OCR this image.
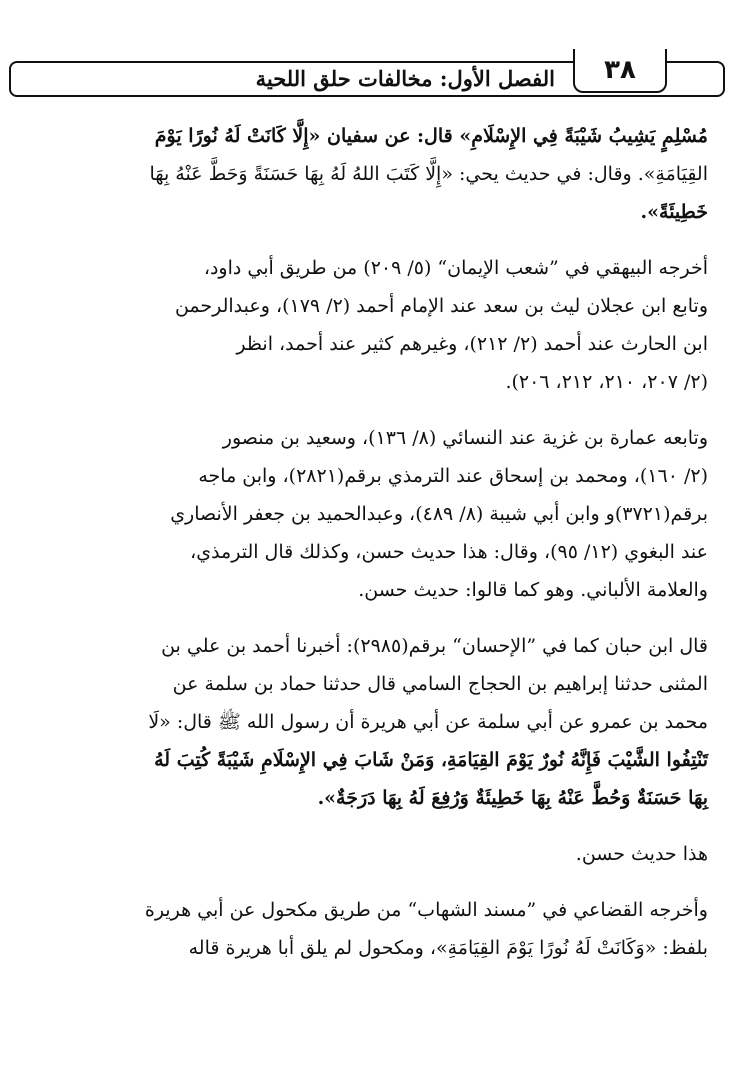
٣٨
الفصل الأول: مخالفات حلق اللحية

مُسْلِمٍ يَشِيبُ شَيْبَةً فِي الإِسْلَامِ» قال: عن سفيان «إِلَّا كَانَتْ لَهُ نُورًا يَوْمَ

القِيَامَةِ». وقال: في حديث يحي: «إِلَّا كَتَبَ اللهُ لَهُ بِهَا حَسَنَةً وَحَطَّ عَنْهُ بِهَا

خَطِيئَةً».

أخرجه البيهقي في ”شعب الإيمان“ (٥/ ٢٠٩) من طريق أبي داود،

وتابع ابن عجلان ليث بن سعد عند الإمام أحمد (٢/ ١٧٩)، وعبدالرحمن

ابن الحارث عند أحمد (٢/ ٢١٢)، وغيرهم كثير عند أحمد، انظر

(٢/ ٢٠٧، ٢١٠، ٢١٢، ٢٠٦).

وتابعه عمارة بن غزية عند النسائي (٨/ ١٣٦)، وسعيد بن منصور

(٢/ ١٦٠)، ومحمد بن إسحاق عند الترمذي برقم(٢٨٢١)، وابن ماجه

برقم(٣٧٢١)و وابن أبي شيبة (٨/ ٤٨٩)، وعبدالحميد بن جعفر الأنصاري

عند البغوي (١٢/ ٩٥)، وقال: هذا حديث حسن، وكذلك قال الترمذي،

والعلامة الألباني. وهو كما قالوا: حديث حسن.

قال ابن حبان كما في ”الإحسان“ برقم(٢٩٨٥): أخبرنا أحمد بن علي بن

المثنى حدثنا إبراهيم بن الحجاج السامي قال حدثنا حماد بن سلمة عن

محمد بن عمرو عن أبي سلمة عن أبي هريرة أن رسول الله ﷺ قال: «لَا

تَنْتِفُوا الشَّيْبَ فَإِنَّهُ نُورٌ يَوْمَ القِيَامَةِ، وَمَنْ شَابَ فِي الإِسْلَامِ شَيْبَةً كُتِبَ لَهُ

بِهَا حَسَنَةٌ وَحُطَّ عَنْهُ بِهَا خَطِيئَةٌ وَرُفِعَ لَهُ بِهَا دَرَجَةٌ».

هذا حديث حسن.

وأخرجه القضاعي في ”مسند الشهاب“ من طريق مكحول عن أبي هريرة

بلفظ: «وَكَانَتْ لَهُ نُورًا يَوْمَ القِيَامَةِ»، ومكحول لم يلق أبا هريرة قاله
